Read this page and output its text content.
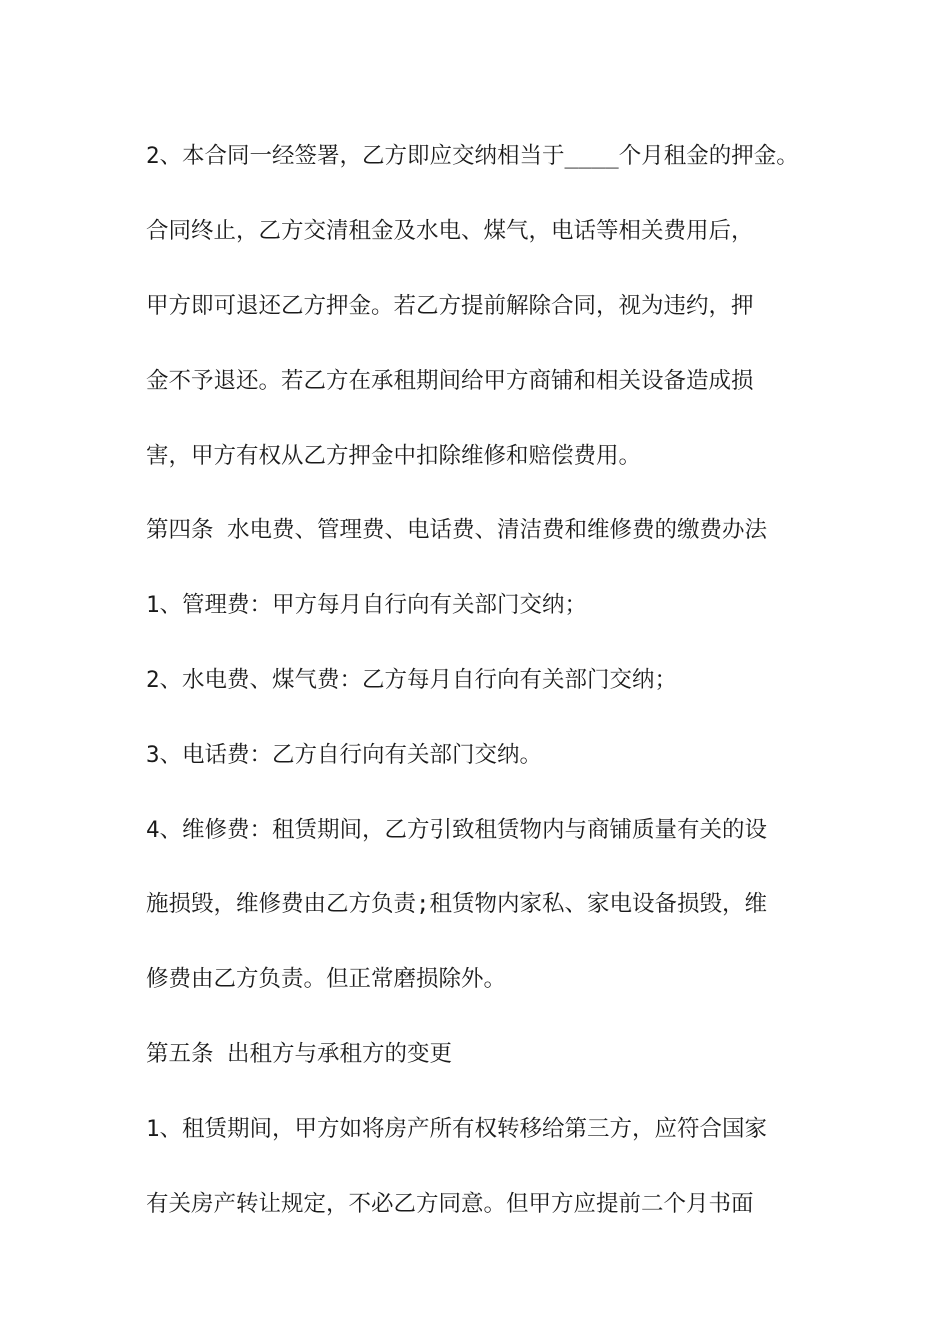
2、本合同一经签署，乙方即应交纳相当于____个月租金的押金。
合同终止，乙方交清租金及水电、煤气，电话等相关费用后，
甲方即可退还乙方押金。若乙方提前解除合同，视为违约，押
金不予退还。若乙方在承租期间给甲方商铺和相关设备造成损
害，甲方有权从乙方押金中扣除维修和赔偿费用。
第四条 水电费、管理费、电话费、清洁费和维修费的缴费办法
1、管理费：甲方每月自行向有关部门交纳；
2、水电费、煤气费：乙方每月自行向有关部门交纳；
3、电话费：乙方自行向有关部门交纳。
4、维修费：租赁期间，乙方引致租赁物内与商铺质量有关的设
施损毁，维修费由乙方负责;租赁物内家私、家电设备损毁，维
修费由乙方负责。但正常磨损除外。
第五条 出租方与承租方的变更
1、租赁期间，甲方如将房产所有权转移给第三方，应符合国家
有关房产转让规定，不必乙方同意。但甲方应提前二个月书面
